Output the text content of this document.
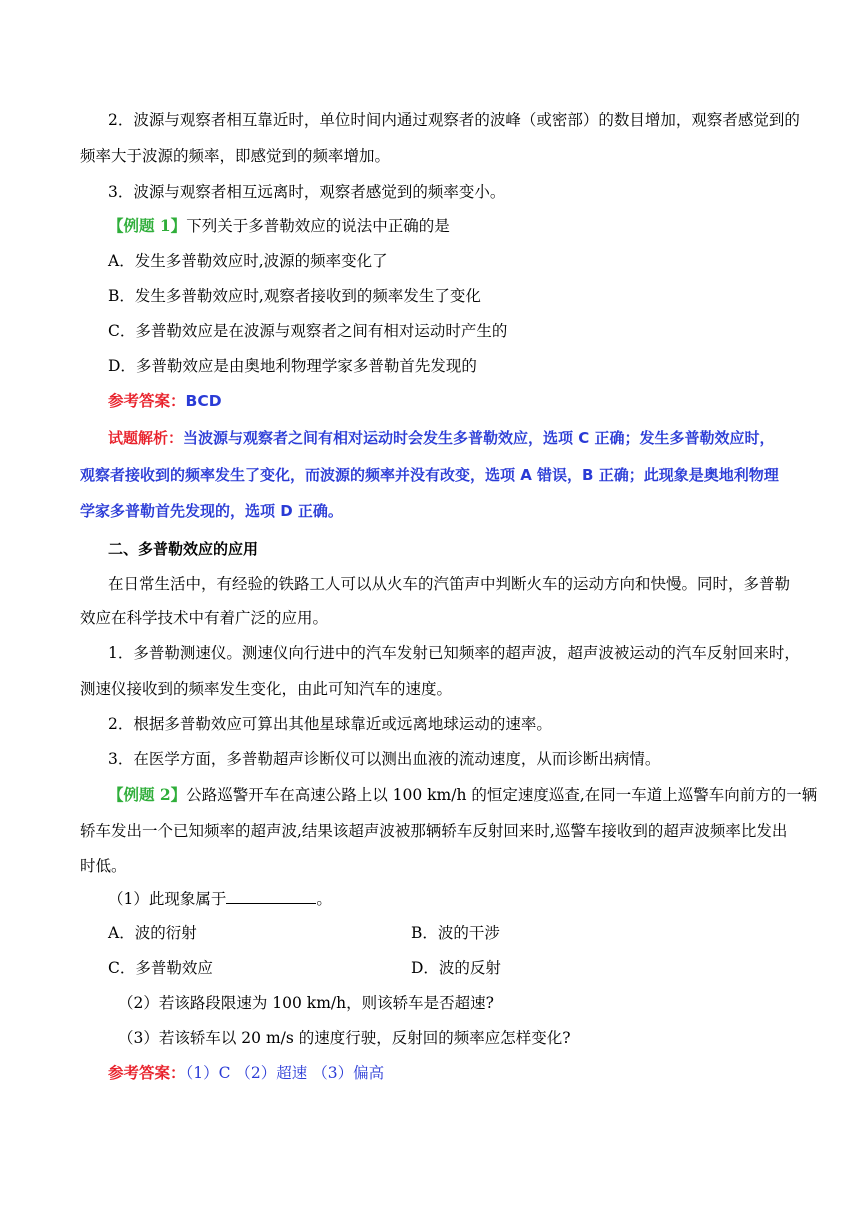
2．波源与观察者相互靠近时，单位时间内通过观察者的波峰（或密部）的数目增加，观察者感觉到的
频率大于波源的频率，即感觉到的频率增加。
3．波源与观察者相互远离时，观察者感觉到的频率变小。
【例题 1】下列关于多普勒效应的说法中正确的是
A．发生多普勒效应时,波源的频率变化了
B．发生多普勒效应时,观察者接收到的频率发生了变化
C．多普勒效应是在波源与观察者之间有相对运动时产生的
D．多普勒效应是由奥地利物理学家多普勒首先发现的
参考答案：BCD
试题解析：当波源与观察者之间有相对运动时会发生多普勒效应，选项 C 正确；发生多普勒效应时，
观察者接收到的频率发生了变化，而波源的频率并没有改变，选项 A 错误，B 正确；此现象是奥地利物理
学家多普勒首先发现的，选项 D 正确。
二、多普勒效应的应用
在日常生活中，有经验的铁路工人可以从火车的汽笛声中判断火车的运动方向和快慢。同时，多普勒
效应在科学技术中有着广泛的应用。
1．多普勒测速仪。测速仪向行进中的汽车发射已知频率的超声波，超声波被运动的汽车反射回来时，
测速仪接收到的频率发生变化，由此可知汽车的速度。
2．根据多普勒效应可算出其他星球靠近或远离地球运动的速率。
3．在医学方面，多普勒超声诊断仪可以测出血液的流动速度，从而诊断出病情。
【例题 2】公路巡警开车在高速公路上以 100 km/h 的恒定速度巡查,在同一车道上巡警车向前方的一辆
轿车发出一个已知频率的超声波,结果该超声波被那辆轿车反射回来时,巡警车接收到的超声波频率比发出
时低。
（1）此现象属于	。
A．波的衍射	B．波的干涉
C．多普勒效应	D．波的反射
（2）若该路段限速为 100 km/h，则该轿车是否超速?
（3）若该轿车以 20 m/s 的速度行驶，反射回的频率应怎样变化?
参考答案：（1）C （2）超速 （3）偏高
